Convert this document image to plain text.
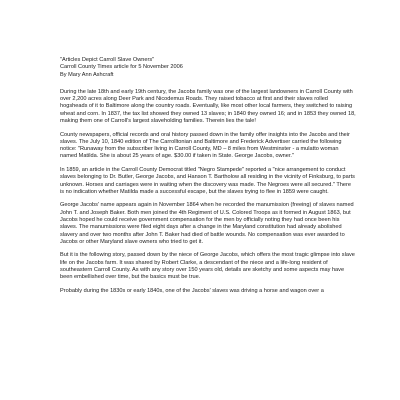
"Articles Depict Carroll Slave Owners"
Carroll County Times article for 5 November 2006
By Mary Ann Ashcraft

During the late 18th and early 19th century, the Jacobs family was one of the largest landowners in Carroll County with over 2,200 acres along Deer Park and Nicodemus Roads. They raised tobacco at first and their slaves rolled hogsheads of it to Baltimore along the country roads. Eventually, like most other local farmers, they switched to raising wheat and corn. In 1837, the tax list showed they owned 13 slaves; in 1840 they owned 16; and in 1853 they owned 18, making them one of Carroll's largest slaveholding families. Therein lies the tale!

County newspapers, official records and oral history passed down in the family offer insights into the Jacobs and their slaves. The July 10, 1840 edition of The Carrolltonian and Baltimore and Frederick Advertiser carried the following notice: "Runaway from the subscriber living in Carroll County, MD – 8 miles from Westminster - a mulatto woman named Matilda. She is about 25 years of age. $30.00 if taken in State. George Jacobs, owner."

In 1859, an article in the Carroll County Democrat titled "Negro Stampede" reported a "nice arrangement to conduct slaves belonging to Dr. Butler, George Jacobs, and Hanson T. Bartholow all residing in the vicinity of Finksburg, to parts unknown. Horses and carriages were in waiting when the discovery was made. The Negroes were all secured." There is no indication whether Matilda made a successful escape, but the slaves trying to flee in 1859 were caught.

George Jacobs' name appears again in November 1864 when he recorded the manumission (freeing) of slaves named John T. and Joseph Baker. Both men joined the 4th Regiment of U.S. Colored Troops as it formed in August 1863, but Jacobs hoped he could receive government compensation for the men by officially noting they had once been his slaves. The manumissions were filed eight days after a change in the Maryland constitution had already abolished slavery and over two months after John T. Baker had died of battle wounds. No compensation was ever awarded to Jacobs or other Maryland slave owners who tried to get it.

But it is the following story, passed down by the niece of George Jacobs, which offers the most tragic glimpse into slave life on the Jacobs farm. It was shared by Robert Clarke, a descendant of the niece and a life-long resident of southeastern Carroll County. As with any story over 150 years old, details are sketchy and some aspects may have been embellished over time, but the basics must be true.

Probably during the 1830s or early 1840s, one of the Jacobs' slaves was driving a horse and wagon over a
